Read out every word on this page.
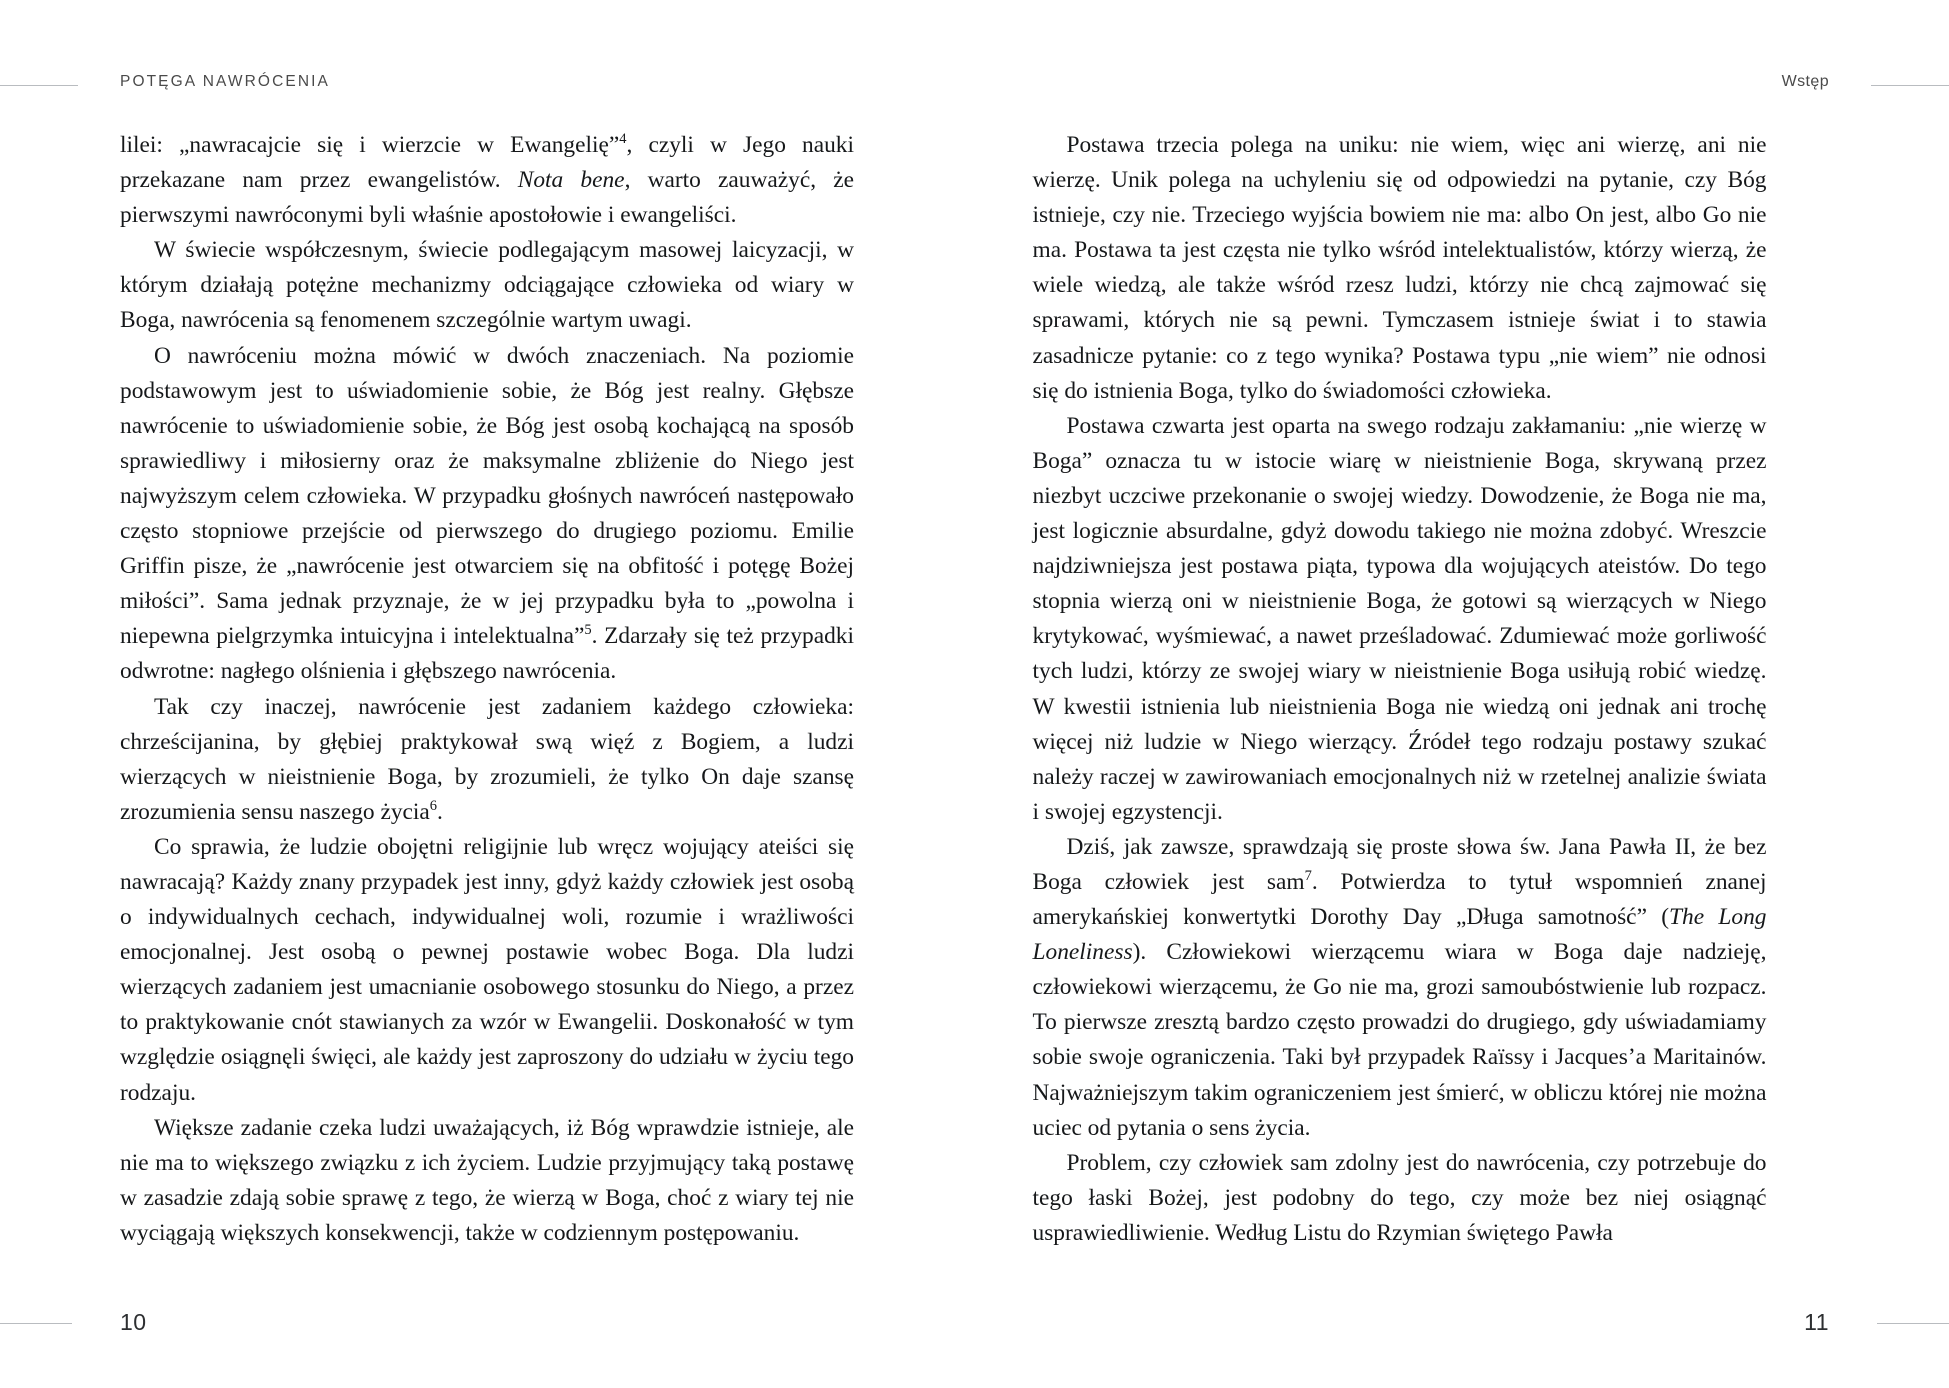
POTĘGA NAWRÓCENIA

lilei: „nawracajcie się i wierzcie w Ewangelię”$^4$, czyli w Jego nauki przekazane nam przez ewangelistów. Nota bene, warto zauważyć, że pierwszymi nawróconymi byli właśnie apostołowie i ewangeliści.

W świecie współczesnym, świecie podlegającym masowej laicyzacji, w którym działają potężne mechanizmy odciągające człowieka od wiary w Boga, nawrócenia są fenomenem szczególnie wartym uwagi.

O nawróceniu można mówić w dwóch znaczeniach. Na poziomie podstawowym jest to uświadomienie sobie, że Bóg jest realny. Głębsze nawrócenie to uświadomienie sobie, że Bóg jest osobą kochającą na sposób sprawiedliwy i miłosierny oraz że maksymalne zbliżenie do Niego jest najwyższym celem człowieka. W przypadku głośnych nawróceń następowało często stopniowe przejście od pierwszego do drugiego poziomu. Emilie Griffin pisze, że „nawrócenie jest otwarciem się na obfitość i potęgę Bożej miłości”. Sama jednak przyznaje, że w jej przypadku była to „powolna i niepewna pielgrzymka intuicyjna i intelektualna”$^5$. Zdarzały się też przypadki odwrotne: nagłego olśnienia i głębszego nawrócenia.

Tak czy inaczej, nawrócenie jest zadaniem każdego człowieka: chrześcijanina, by głębiej praktykował swą więź z Bogiem, a ludzi wierzących w nieistnienie Boga, by zrozumieli, że tylko On daje szansę zrozumienia sensu naszego życia$^6$.

Co sprawia, że ludzie obojętni religijnie lub wręcz wojujący ateiści się nawracają? Każdy znany przypadek jest inny, gdyż każdy człowiek jest osobą o indywidualnych cechach, indywidualnej woli, rozumie i wrażliwości emocjonalnej. Jest osobą o pewnej postawie wobec Boga. Dla ludzi wierzących zadaniem jest umacnianie osobowego stosunku do Niego, a przez to praktykowanie cnót stawianych za wzór w Ewangelii. Doskonałość w tym względzie osiągnęli święci, ale każdy jest zaproszony do udziału w życiu tego rodzaju.

Większe zadanie czeka ludzi uważających, iż Bóg wprawdzie istnieje, ale nie ma to większego związku z ich życiem. Ludzie przyjmujący taką postawę w zasadzie zdają sobie sprawę z tego, że wierzą w Boga, choć z wiary tej nie wyciągają większych konsekwencji, także w codziennym postępowaniu.

10
Wstęp

Postawa trzecia polega na uniku: nie wiem, więc ani wierzę, ani nie wierzę. Unik polega na uchyleniu się od odpowiedzi na pytanie, czy Bóg istnieje, czy nie. Trzeciego wyjścia bowiem nie ma: albo On jest, albo Go nie ma. Postawa ta jest częsta nie tylko wśród intelektualistów, którzy wierzą, że wiele wiedzą, ale także wśród rzesz ludzi, którzy nie chcą zajmować się sprawami, których nie są pewni. Tymczasem istnieje świat i to stawia zasadnicze pytanie: co z tego wynika? Postawa typu „nie wiem” nie odnosi się do istnienia Boga, tylko do świadomości człowieka.

Postawa czwarta jest oparta na swego rodzaju zakłamaniu: „nie wierzę w Boga” oznacza tu w istocie wiarę w nieistnienie Boga, skrywaną przez niezbyt uczciwe przekonanie o swojej wiedzy. Dowodzenie, że Boga nie ma, jest logicznie absurdalne, gdyż dowodu takiego nie można zdobyć. Wreszcie najdziwniejsza jest postawa piąta, typowa dla wojujących ateistów. Do tego stopnia wierzą oni w nieistnienie Boga, że gotowi są wierzących w Niego krytykować, wyśmiewać, a nawet prześladować. Zdumiewać może gorliwość tych ludzi, którzy ze swojej wiary w nieistnienie Boga usiłują robić wiedzę. W kwestii istnienia lub nieistnienia Boga nie wiedzą oni jednak ani trochę więcej niż ludzie w Niego wierzący. Źródeł tego rodzaju postawy szukać należy raczej w zawirowaniach emocjonalnych niż w rzetelnej analizie świata i swojej egzystencji.

Dziś, jak zawsze, sprawdzają się proste słowa św. Jana Pawła II, że bez Boga człowiek jest sam$^7$. Potwierdza to tytuł wspomnień znanej amerykańskiej konwertytki Dorothy Day „Długa samotność” (The Long Loneliness). Człowiekowi wierzącemu wiara w Boga daje nadzieję, człowiekowi wierzącemu, że Go nie ma, grozi samoubóstwienie lub rozpacz. To pierwsze zresztą bardzo często prowadzi do drugiego, gdy uświadamiamy sobie swoje ograniczenia. Taki był przypadek Raïssy i Jacques’a Maritainów. Najważniejszym takim ograniczeniem jest śmierć, w obliczu której nie można uciec od pytania o sens życia.

Problem, czy człowiek sam zdolny jest do nawrócenia, czy potrzebuje do tego łaski Bożej, jest podobny do tego, czy może bez niej osiągnąć usprawiedliwienie. Według Listu do Rzymian świętego Pawła

11
